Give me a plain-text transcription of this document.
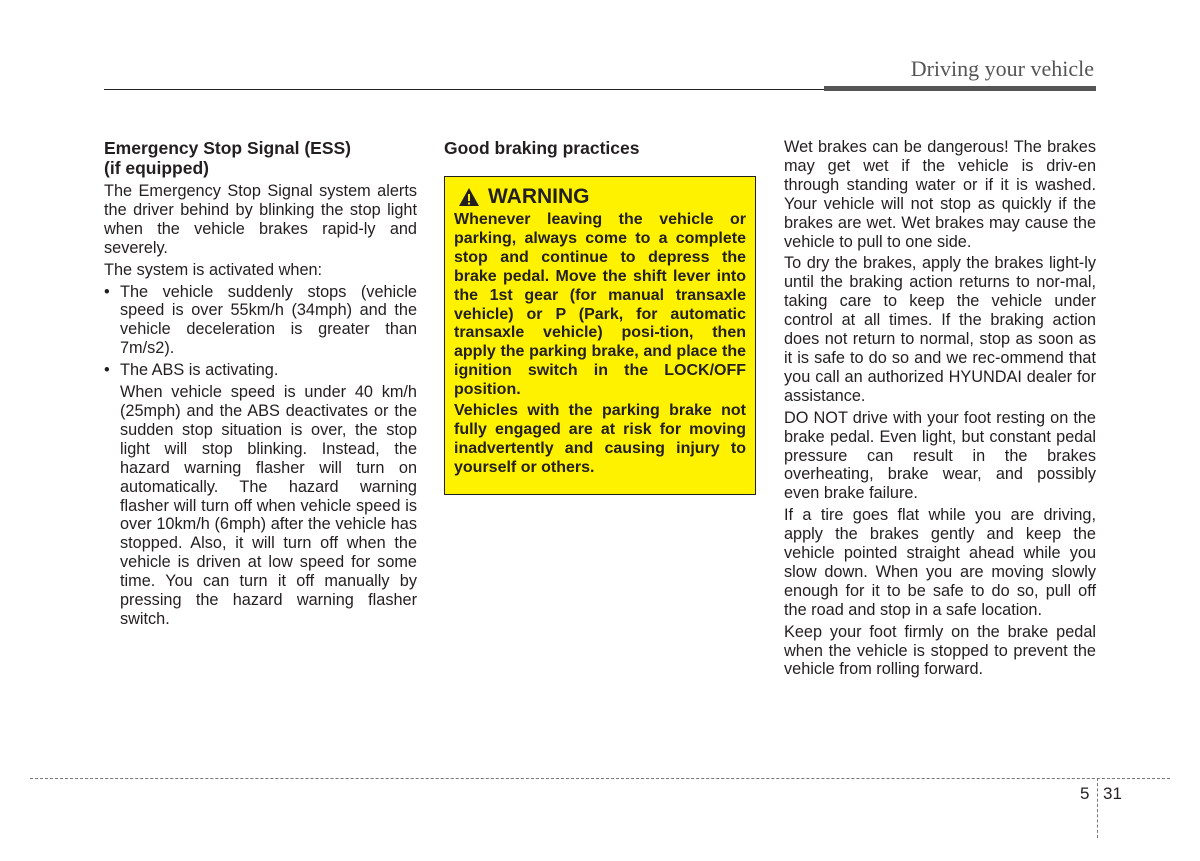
Driving your vehicle
Emergency Stop Signal (ESS)
(if equipped)

The Emergency Stop Signal system alerts the driver behind by blinking the stop light when the vehicle brakes rapid-ly and severely.

The system is activated when:

• The vehicle suddenly stops (vehicle speed is over 55km/h (34mph) and the vehicle deceleration is greater than 7m/s2).
• The ABS is activating.

When vehicle speed is under 40 km/h (25mph) and the ABS deactivates or the sudden stop situation is over, the stop light will stop blinking. Instead, the hazard warning flasher will turn on automatically. The hazard warning flasher will turn off when vehicle speed is over 10km/h (6mph) after the vehicle has stopped. Also, it will turn off when the vehicle is driven at low speed for some time. You can turn it off manually by pressing the hazard warning flasher switch.

Good braking practices
WARNING

Whenever leaving the vehicle or parking, always come to a complete stop and continue to depress the brake pedal. Move the shift lever into the 1st gear (for manual transaxle vehicle) or P (Park, for automatic transaxle vehicle) posi-tion, then apply the parking brake, and place the ignition switch in the LOCK/OFF position.

Vehicles with the parking brake not fully engaged are at risk for moving inadvertently and causing injury to yourself or others.

Wet brakes can be dangerous! The brakes may get wet if the vehicle is driv-en through standing water or if it is washed. Your vehicle will not stop as quickly if the brakes are wet. Wet brakes may cause the vehicle to pull to one side.

To dry the brakes, apply the brakes light-ly until the braking action returns to nor-mal, taking care to keep the vehicle under control at all times. If the braking action does not return to normal, stop as soon as it is safe to do so and we rec-ommend that you call an authorized HYUNDAI dealer for assistance.

DO NOT drive with your foot resting on the brake pedal. Even light, but constant pedal pressure can result in the brakes overheating, brake wear, and possibly even brake failure.

If a tire goes flat while you are driving, apply the brakes gently and keep the vehicle pointed straight ahead while you slow down. When you are moving slowly enough for it to be safe to do so, pull off the road and stop in a safe location.

Keep your foot firmly on the brake pedal when the vehicle is stopped to prevent the vehicle from rolling forward.

5 31
